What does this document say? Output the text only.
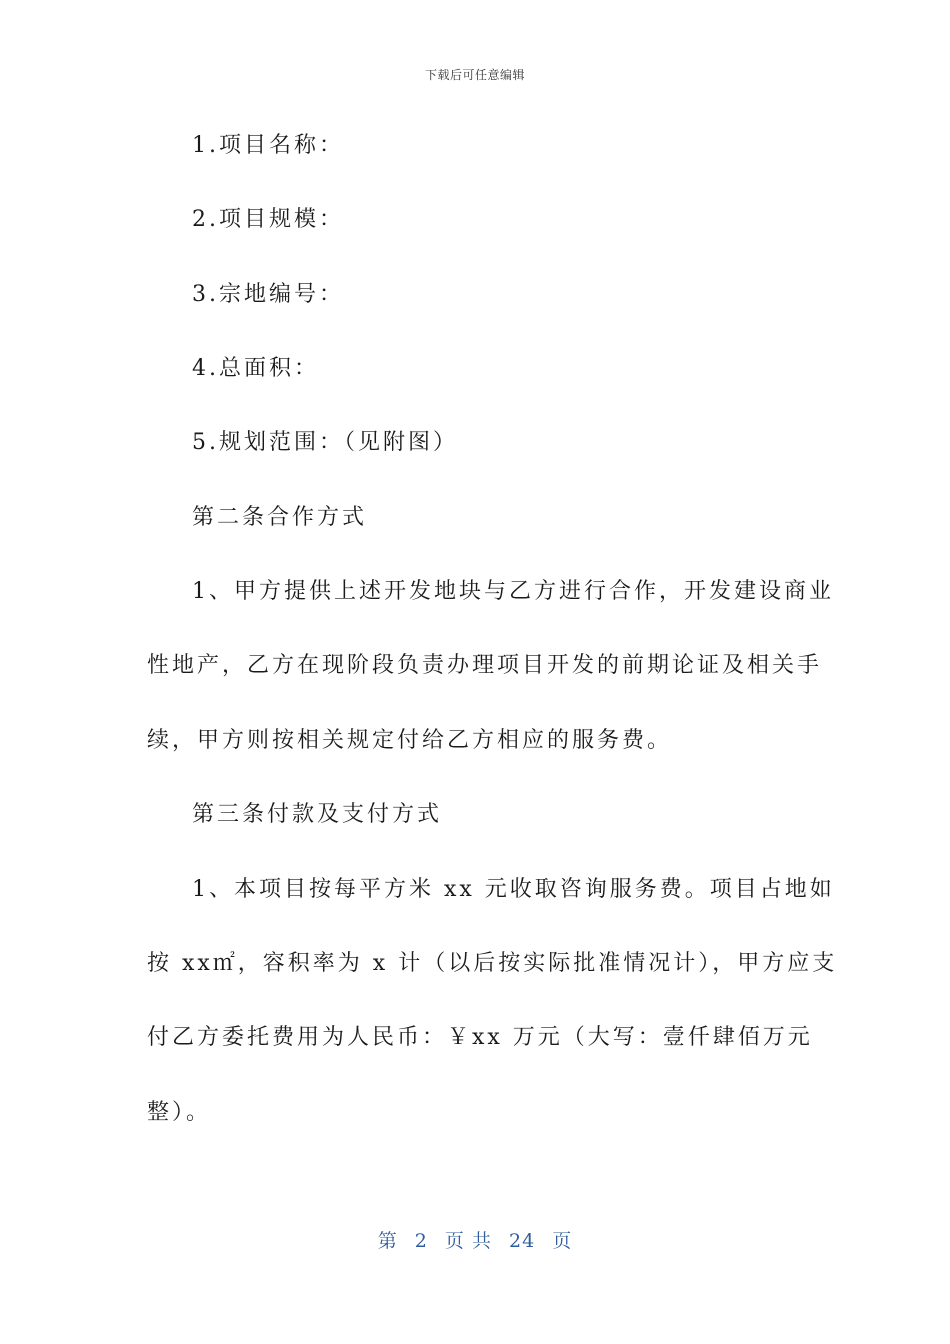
下载后可任意编辑
1.项目名称：
2.项目规模：
3.宗地编号：
4.总面积：
5.规划范围：（见附图）
第二条合作方式
1、甲方提供上述开发地块与乙方进行合作，开发建设商业
性地产，乙方在现阶段负责办理项目开发的前期论证及相关手
续，甲方则按相关规定付给乙方相应的服务费。
第三条付款及支付方式
1、本项目按每平方米 xx 元收取咨询服务费。项目占地如
按 xx㎡，容积率为 x 计（以后按实际批准情况计），甲方应支
付乙方委托费用为人民币：￥xx 万元（大写：壹仟肆佰万元
整）。
第 2 页 共 24 页
